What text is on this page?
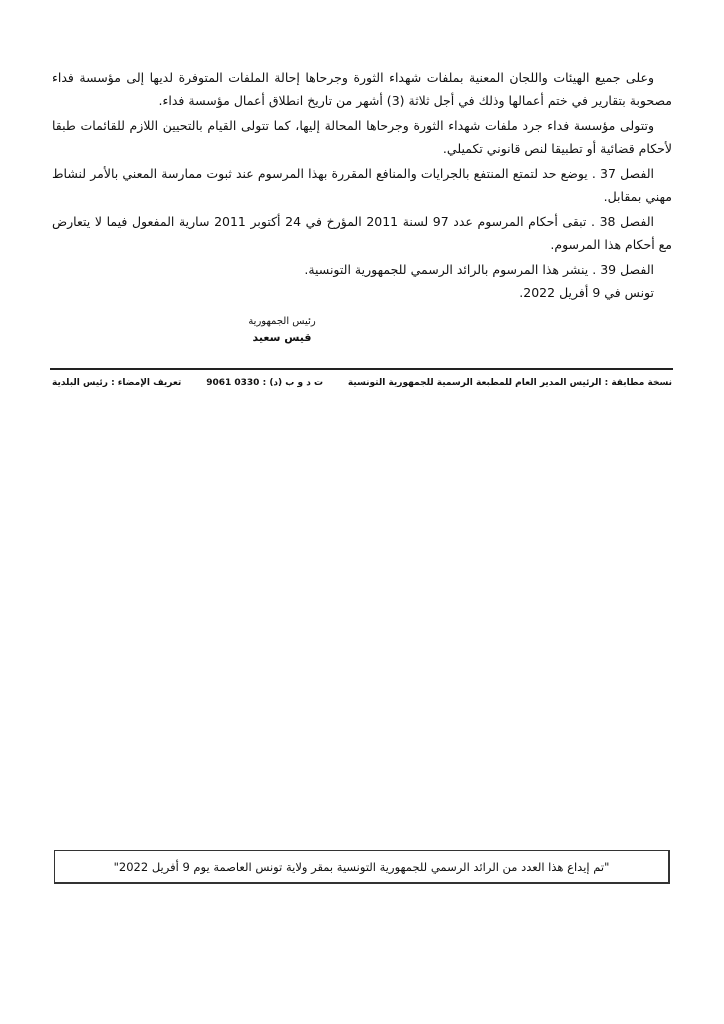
وعلى جميع الهيئات واللجان المعنية بملفات شهداء الثورة وجرحاها إحالة الملفات المتوفرة لديها إلى مؤسسة فداء مصحوبة بتقارير في ختم أعمالها وذلك في أجل ثلاثة (3) أشهر من تاريخ انطلاق أعمال مؤسسة فداء.
وتتولى مؤسسة فداء جرد ملفات شهداء الثورة وجرحاها المحالة إليها، كما تتولى القيام بالتحيين اللازم للقائمات طبقا لأحكام قضائية أو تطبيقا لنص قانوني تكميلي.
الفصل 37 . يوضع حد لتمتع المنتفع بالجرايات والمنافع المقررة بهذا المرسوم عند ثبوت ممارسة المعني بالأمر لنشاط مهني بمقابل.
الفصل 38 . تبقى أحكام المرسوم عدد 97 لسنة 2011 المؤرخ في 24 أكتوبر 2011 سارية المفعول فيما لا يتعارض مع أحكام هذا المرسوم.
الفصل 39 . ينشر هذا المرسوم بالرائد الرسمي للجمهورية التونسية.
تونس في 9 أفريل 2022.
رئيس الجمهورية
قيس سعيد
نسخة مطابقة : الرئيس المدير العام للمطبعة الرسمية للجمهورية التونسية
ت د و ب (د) : 0330 9061
تعريف الإمضاء : رئيس البلدية
"تم إيداع هذا العدد من الرائد الرسمي للجمهورية التونسية بمقر ولاية تونس العاصمة يوم 9 أفريل 2022"
